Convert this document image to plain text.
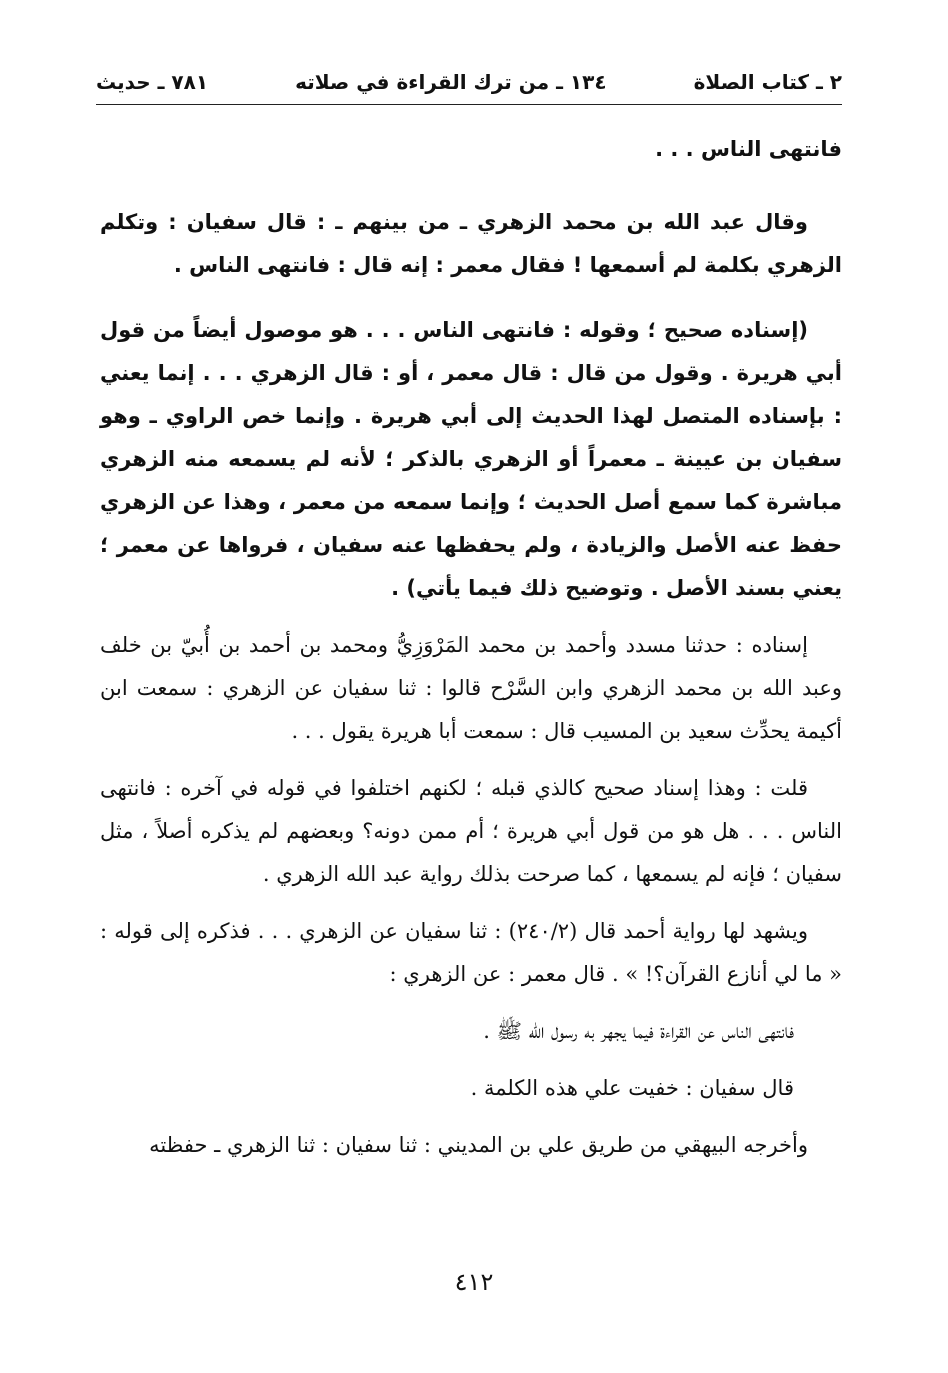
٢ ـ كتاب الصلاة
١٣٤ ـ من ترك القراءة في صلاته
٧٨١ ـ حديث

فانتهى الناس . . .

وقال عبد الله بن محمد الزهري ـ من بينهم ـ : قال سفيان : وتكلم الزهري بكلمة لم أسمعها ! فقال معمر : إنه قال : فانتهى الناس .

(إسناده صحيح ؛ وقوله : فانتهى الناس . . . هو موصول أيضاً من قول أبي هريرة . وقول من قال : قال معمر ، أو : قال الزهري . . . إنما يعني : بإسناده المتصل لهذا الحديث إلى أبي هريرة . وإنما خص الراوي ـ وهو سفيان بن عيينة ـ معمراً أو الزهري بالذكر ؛ لأنه لم يسمعه منه الزهري مباشرة كما سمع أصل الحديث ؛ وإنما سمعه من معمر ، وهذا عن الزهري حفظ عنه الأصل والزيادة ، ولم يحفظها عنه سفيان ، فرواها عن معمر ؛ يعني بسند الأصل . وتوضيح ذلك فيما يأتي) .

إسناده : حدثنا مسدد وأحمد بن محمد المَرْوَزِيُّ ومحمد بن أحمد بن أُبيّ بن خلف وعبد الله بن محمد الزهري وابن السَّرْح قالوا : ثنا سفيان عن الزهري : سمعت ابن أكيمة يحدِّث سعيد بن المسيب قال : سمعت أبا هريرة يقول . . .

قلت : وهذا إسناد صحيح كالذي قبله ؛ لكنهم اختلفوا في قوله في آخره : فانتهى الناس . . . هل هو من قول أبي هريرة ؛ أم ممن دونه؟ وبعضهم لم يذكره أصلاً ، مثل سفيان ؛ فإنه لم يسمعها ، كما صرحت بذلك رواية عبد الله الزهري .

ويشهد لها رواية أحمد قال (٢٤٠/٢) : ثنا سفيان عن الزهري . . . فذكره إلى قوله : « ما لي أنازع القرآن؟! » . قال معمر : عن الزهري :

فانتهى الناس عن القراءة فيما يجهر به رسول الله ﷺ .

قال سفيان : خفيت علي هذه الكلمة .

وأخرجه البيهقي من طريق علي بن المديني : ثنا سفيان : ثنا الزهري ـ حفظته

٤١٢
